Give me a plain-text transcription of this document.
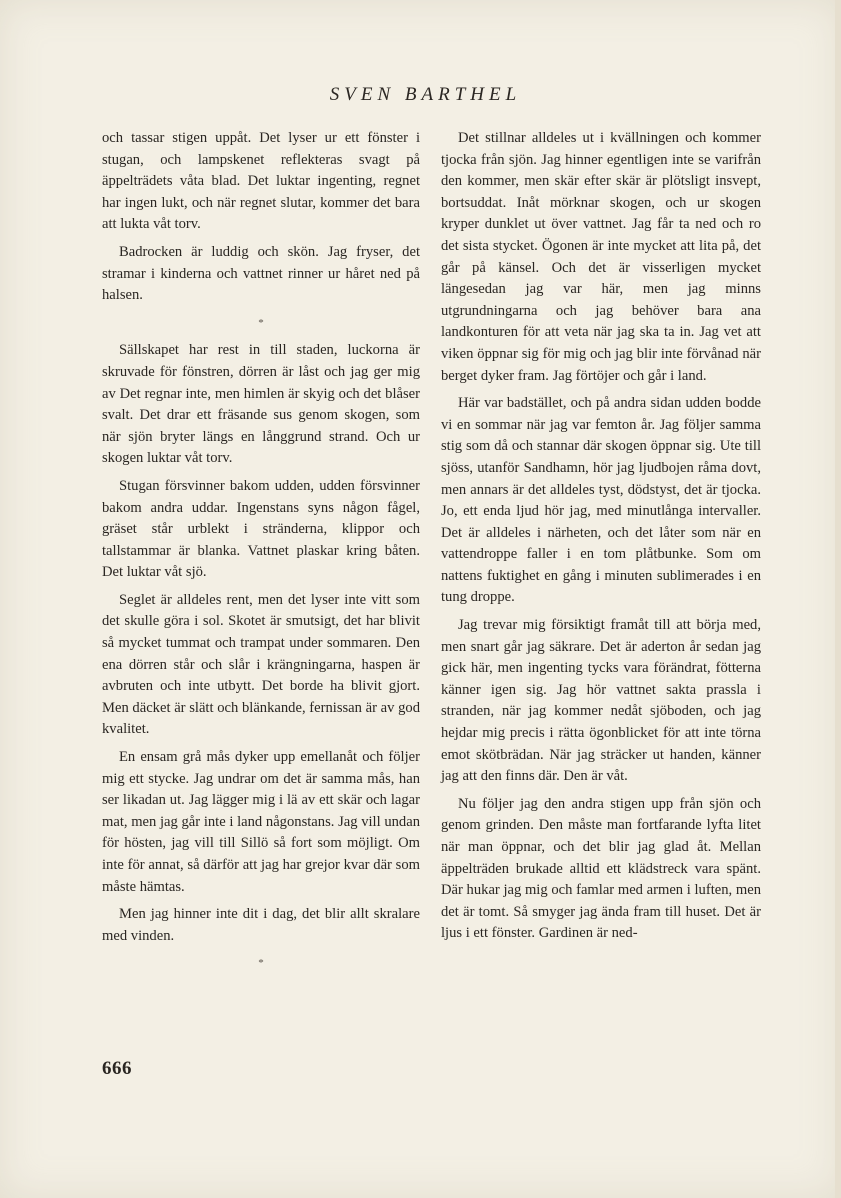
SVEN BARTHEL

och tassar stigen uppåt. Det lyser ur ett fönster i stugan, och lampskenet reflekteras svagt på äppelträdets våta blad. Det luktar ingenting, regnet har ingen lukt, och när regnet slutar, kommer det bara att lukta våt torv.

Badrocken är luddig och skön. Jag fryser, det stramar i kinderna och vattnet rinner ur håret ned på halsen.

*

Sällskapet har rest in till staden, luckorna är skruvade för fönstren, dörren är låst och jag ger mig av Det regnar inte, men himlen är skyig och det blåser svalt. Det drar ett fräsande sus genom skogen, som när sjön bryter längs en långgrund strand. Och ur skogen luktar våt torv.

Stugan försvinner bakom udden, udden försvinner bakom andra uddar. Ingenstans syns någon fågel, gräset står urblekt i stränderna, klippor och tallstammar är blanka. Vattnet plaskar kring båten. Det luktar våt sjö.

Seglet är alldeles rent, men det lyser inte vitt som det skulle göra i sol. Skotet är smutsigt, det har blivit så mycket tummat och trampat under sommaren. Den ena dörren står och slår i krängningarna, haspen är avbruten och inte utbytt. Det borde ha blivit gjort. Men däcket är slätt och blänkande, fernissan är av god kvalitet.

En ensam grå mås dyker upp emellanåt och följer mig ett stycke. Jag undrar om det är samma mås, han ser likadan ut. Jag lägger mig i lä av ett skär och lagar mat, men jag går inte i land någonstans. Jag vill undan för hösten, jag vill till Sillö så fort som möjligt. Om inte för annat, så därför att jag har grejor kvar där som måste hämtas.

Men jag hinner inte dit i dag, det blir allt skralare med vinden.

*

Det stillnar alldeles ut i kvällningen och kommer tjocka från sjön. Jag hinner egentligen inte se varifrån den kommer, men skär efter skär är plötsligt insvept, bortsuddat. Inåt mörknar skogen, och ur skogen kryper dunklet ut över vattnet. Jag får ta ned och ro det sista stycket. Ögonen är inte mycket att lita på, det går på känsel. Och det är visserligen mycket längesedan jag var här, men jag minns utgrundningarna och jag behöver bara ana landkonturen för att veta när jag ska ta in. Jag vet att viken öppnar sig för mig och jag blir inte förvånad när berget dyker fram. Jag förtöjer och går i land.

Här var badstället, och på andra sidan udden bodde vi en sommar när jag var femton år. Jag följer samma stig som då och stannar där skogen öppnar sig. Ute till sjöss, utanför Sandhamn, hör jag ljudbojen råma dovt, men annars är det alldeles tyst, dödstyst, det är tjocka. Jo, ett enda ljud hör jag, med minutlånga intervaller. Det är alldeles i närheten, och det låter som när en vattendroppe faller i en tom plåtbunke. Som om nattens fuktighet en gång i minuten sublimerades i en tung droppe.

Jag trevar mig försiktigt framåt till att börja med, men snart går jag säkrare. Det är aderton år sedan jag gick här, men ingenting tycks vara förändrat, fötterna känner igen sig. Jag hör vattnet sakta prassla i stranden, när jag kommer nedåt sjöboden, och jag hejdar mig precis i rätta ögonblicket för att inte törna emot skötbrädan. När jag sträcker ut handen, känner jag att den finns där. Den är våt.

Nu följer jag den andra stigen upp från sjön och genom grinden. Den måste man fortfarande lyfta litet när man öppnar, och det blir jag glad åt. Mellan äppelträden brukade alltid ett klädstreck vara spänt. Där hukar jag mig och famlar med armen i luften, men det är tomt. Så smyger jag ända fram till huset. Det är ljus i ett fönster. Gardinen är ned-

666
